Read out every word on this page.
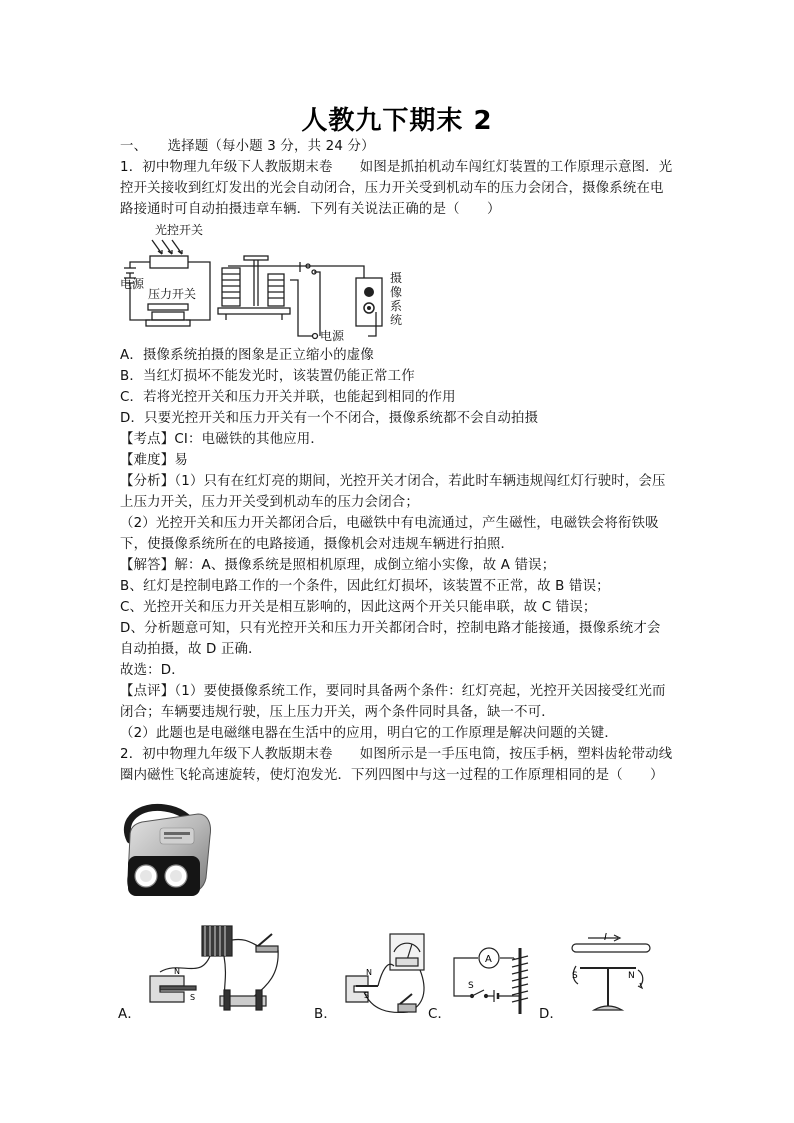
人教九下期末 2
一、　　选择题（每小题 3 分，共 24 分）
1．初中物理九年级下人教版期末卷　　如图是抓拍机动车闯红灯装置的工作原理示意图．光
控开关接收到红灯发出的光会自动闭合，压力开关受到机动车的压力会闭合，摄像系统在电
路接通时可自动拍摄违章车辆．下列有关说法正确的是（　　）
光控开关
电源
压力开关
电源
摄像系统
A．摄像系统拍摄的图象是正立缩小的虚像
B．当红灯损坏不能发光时，该装置仍能正常工作
C．若将光控开关和压力开关并联，也能起到相同的作用
D．只要光控开关和压力开关有一个不闭合，摄像系统都不会自动拍摄
【考点】CI：电磁铁的其他应用．
【难度】易
【分析】（1）只有在红灯亮的期间，光控开关才闭合，若此时车辆违规闯红灯行驶时，会压
上压力开关，压力开关受到机动车的压力会闭合；
（2）光控开关和压力开关都闭合后，电磁铁中有电流通过，产生磁性，电磁铁会将衔铁吸
下，使摄像系统所在的电路接通，摄像机会对违规车辆进行拍照．
【解答】解：A、摄像系统是照相机原理，成倒立缩小实像，故 A 错误；
B、红灯是控制电路工作的一个条件，因此红灯损坏，该装置不正常，故 B 错误；
C、光控开关和压力开关是相互影响的，因此这两个开关只能串联，故 C 错误；
D、分析题意可知，只有光控开关和压力开关都闭合时，控制电路才能接通，摄像系统才会
自动拍摄，故 D 正确．
故选：D．
【点评】（1）要使摄像系统工作，要同时具备两个条件：红灯亮起，光控开关因接受红光而
闭合；车辆要违规行驶，压上压力开关，两个条件同时具备，缺一不可．
（2）此题也是电磁继电器在生活中的应用，明白它的工作原理是解决问题的关键．
2．初中物理九年级下人教版期末卷　　如图所示是一手压电筒，按压手柄，塑料齿轮带动线
圈内磁性飞轮高速旋转，使灯泡发光．下列四图中与这一过程的工作原理相同的是（　　）
A．
N
S
B．
N
S
C．
A
S
D．
I
S	N
